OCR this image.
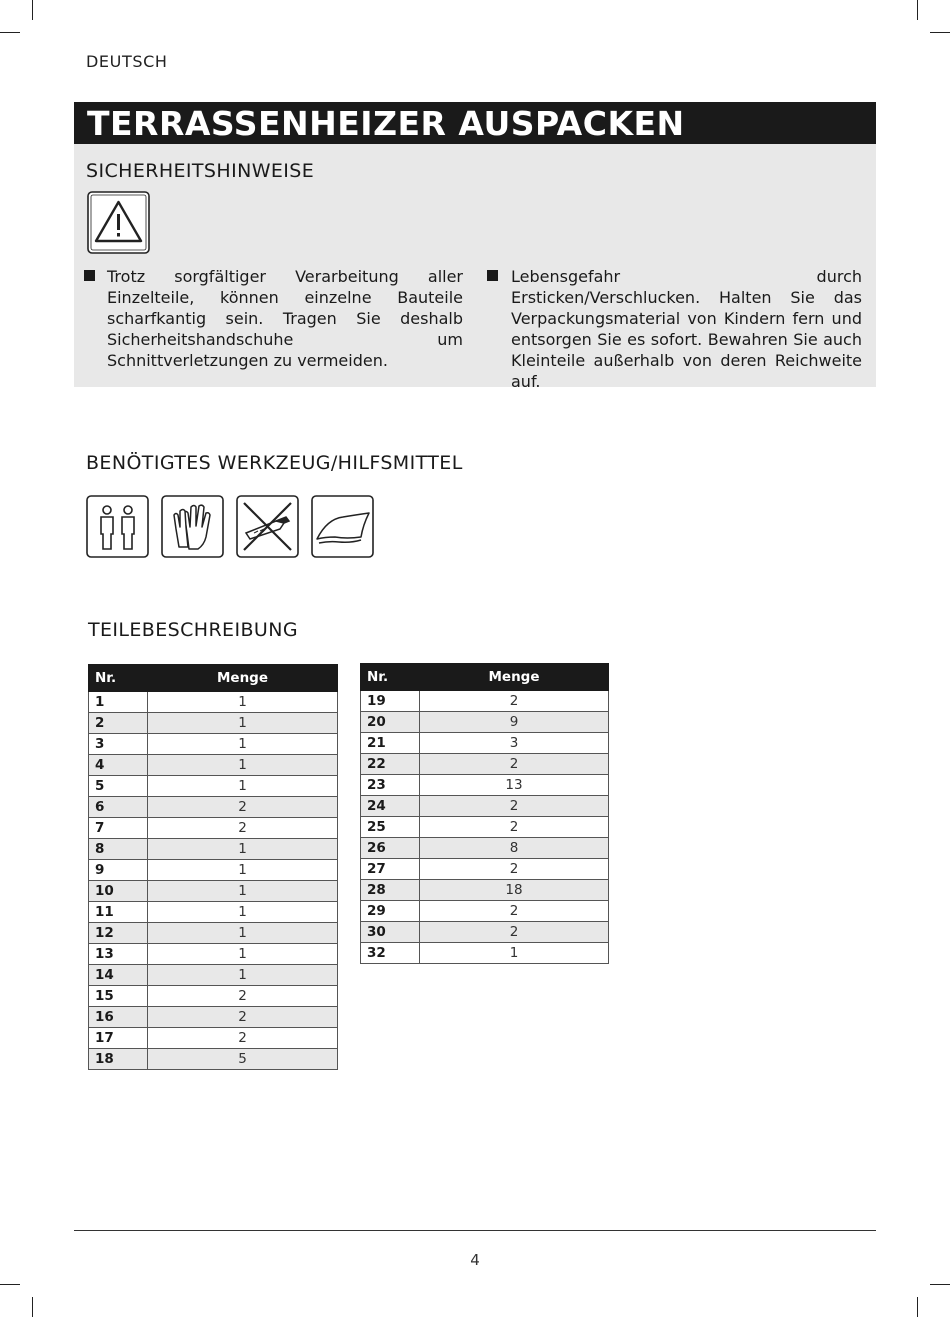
DEUTSCH
TERRASSENHEIZER AUSPACKEN
SICHERHEITSHINWEISE
Trotz sorgfältiger Verarbeitung aller Einzelteile, können einzelne Bauteile scharfkantig sein. Tragen Sie deshalb Sicherheitshandschuhe um Schnittverletzungen zu vermeiden.
Lebensgefahr durch Ersticken/Verschlucken. Halten Sie das Verpackungsmaterial von Kindern fern und entsorgen Sie es sofort. Bewahren Sie auch Kleinteile außerhalb von deren Reichweite auf.
BENÖTIGTES WERKZEUG/HILFSMITTEL
TEILEBESCHREIBUNG
Nr.	Menge
1	1
2	1
3	1
4	1
5	1
6	2
7	2
8	1
9	1
10	1
11	1
12	1
13	1
14	1
15	2
16	2
17	2
18	5
Nr.	Menge
19	2
20	9
21	3
22	2
23	13
24	2
25	2
26	8
27	2
28	18
29	2
30	2
32	1
4
